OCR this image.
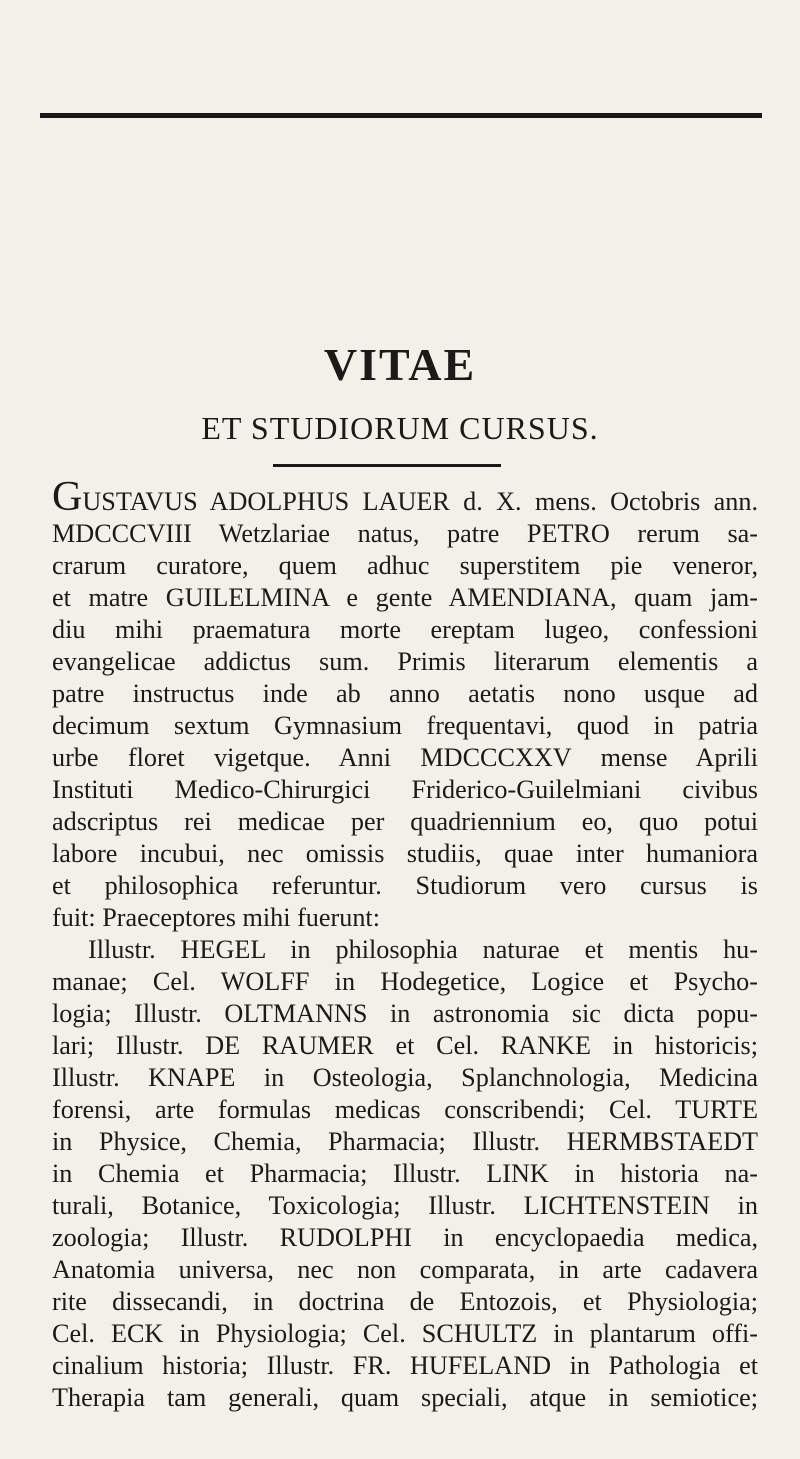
VITAE
ET STUDIORUM CURSUS.
GUSTAVUS ADOLPHUS LAUER d. X. mens. Octobris ann.
MDCCCVIII Wetzlariae natus, patre PETRO rerum sa-
crarum curatore, quem adhuc superstitem pie veneror,
et matre GUILELMINA e gente AMENDIANA, quam jam-
diu mihi praematura morte ereptam lugeo, confessioni
evangelicae addictus sum. Primis literarum elementis a
patre instructus inde ab anno aetatis nono usque ad
decimum sextum Gymnasium frequentavi, quod in patria
urbe floret vigetque. Anni MDCCCXXV mense Aprili
Instituti Medico-Chirurgici Friderico-Guilelmiani civibus
adscriptus rei medicae per quadriennium eo, quo potui
labore incubui, nec omissis studiis, quae inter humaniora
et philosophica referuntur. Studiorum vero cursus is
fuit: Praeceptores mihi fuerunt:
Illustr. HEGEL in philosophia naturae et mentis hu-
manae; Cel. WOLFF in Hodegetice, Logice et Psycho-
logia; Illustr. OLTMANNS in astronomia sic dicta popu-
lari; Illustr. DE RAUMER et Cel. RANKE in historicis;
Illustr. KNAPE in Osteologia, Splanchnologia, Medicina
forensi, arte formulas medicas conscribendi; Cel. TURTE
in Physice, Chemia, Pharmacia; Illustr. HERMBSTAEDT
in Chemia et Pharmacia; Illustr. LINK in historia na-
turali, Botanice, Toxicologia; Illustr. LICHTENSTEIN in
zoologia; Illustr. RUDOLPHI in encyclopaedia medica,
Anatomia universa, nec non comparata, in arte cadavera
rite dissecandi, in doctrina de Entozois, et Physiologia;
Cel. ECK in Physiologia; Cel. SCHULTZ in plantarum offi-
cinalium historia; Illustr. FR. HUFELAND in Pathologia et
Therapia tam generali, quam speciali, atque in semiotice;
